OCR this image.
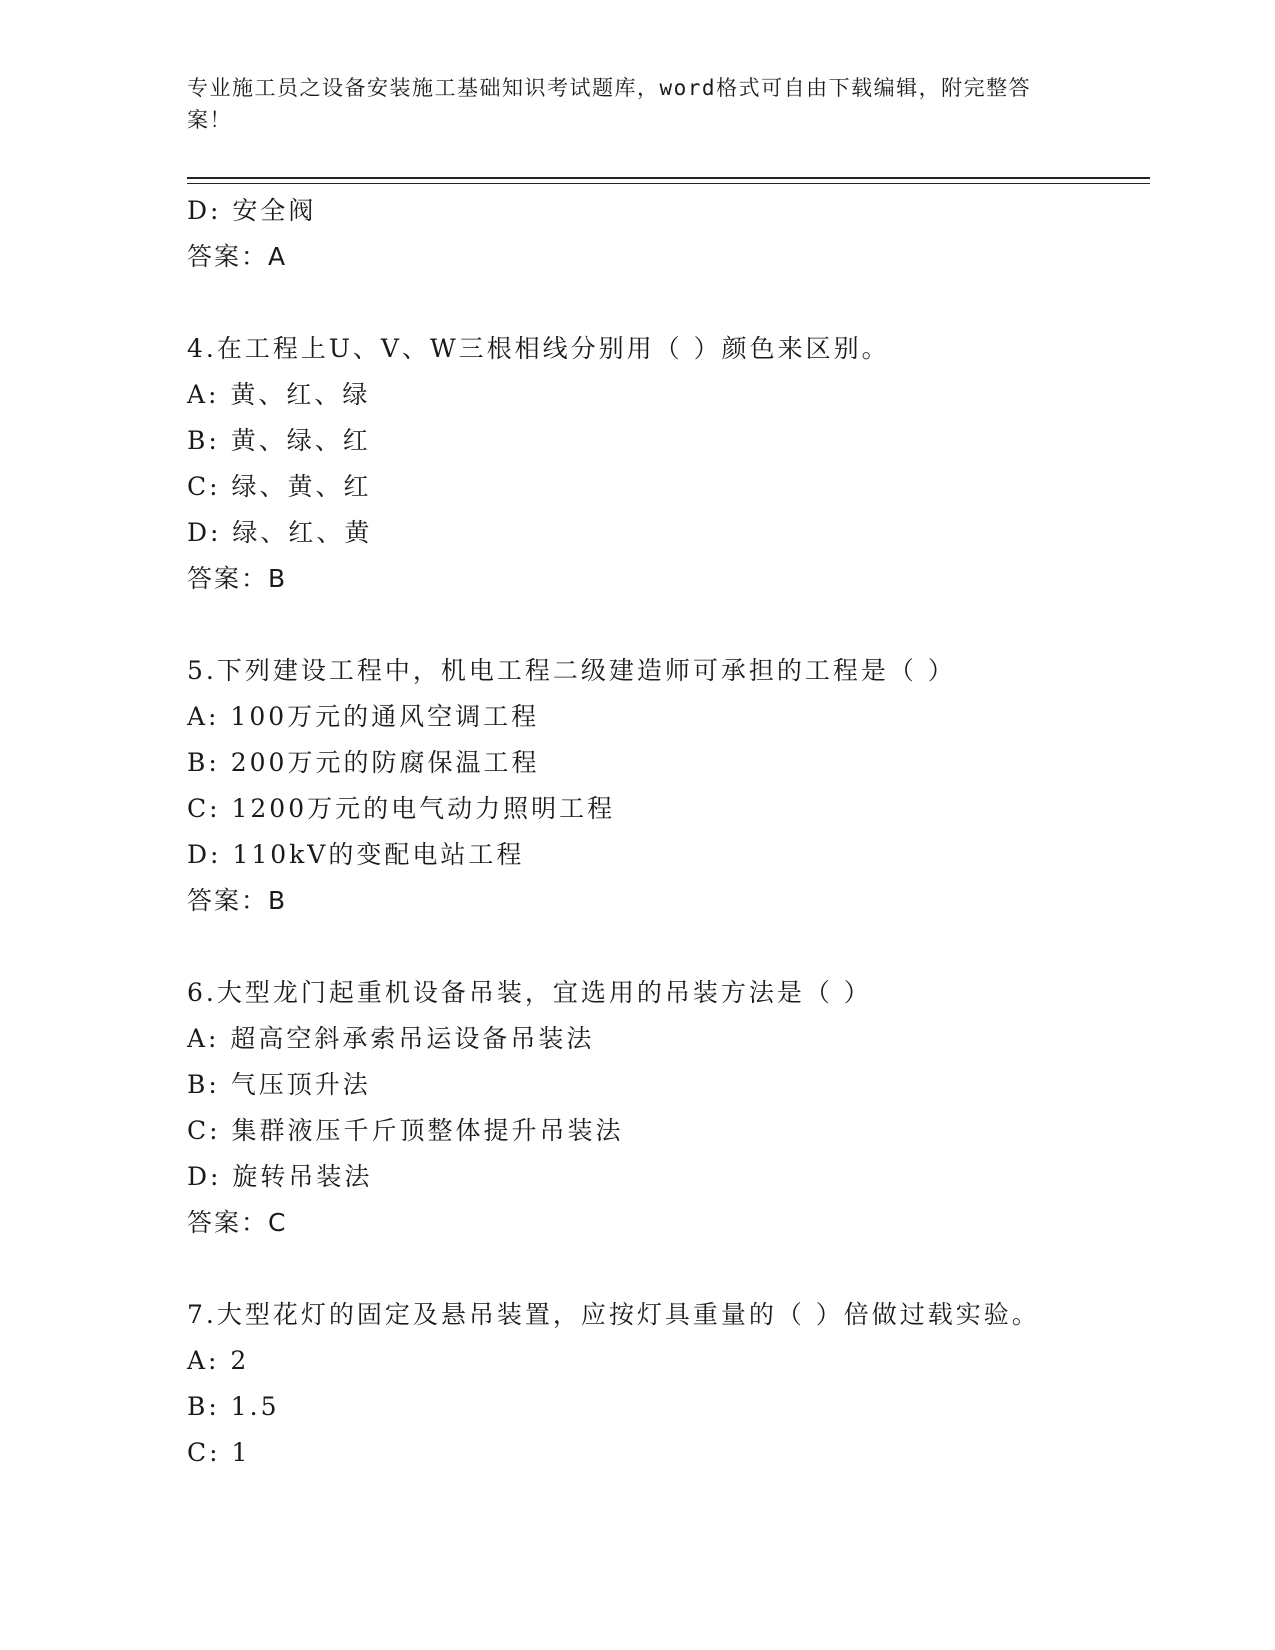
专业施工员之设备安装施工基础知识考试题库，word格式可自由下载编辑，附完整答案！
D: 安全阀
答案：A
4.在工程上U、V、W三根相线分别用（ ）颜色来区别。
A: 黄、红、绿
B: 黄、绿、红
C: 绿、黄、红
D: 绿、红、黄
答案：B
5.下列建设工程中，机电工程二级建造师可承担的工程是（ ）
A: 100万元的通风空调工程
B: 200万元的防腐保温工程
C: 1200万元的电气动力照明工程
D: 110kV的变配电站工程
答案：B
6.大型龙门起重机设备吊装，宜选用的吊装方法是（ ）
A: 超高空斜承索吊运设备吊装法
B: 气压顶升法
C: 集群液压千斤顶整体提升吊装法
D: 旋转吊装法
答案：C
7.大型花灯的固定及悬吊装置，应按灯具重量的（ ）倍做过载实验。
A: 2
B: 1.5
C: 1
